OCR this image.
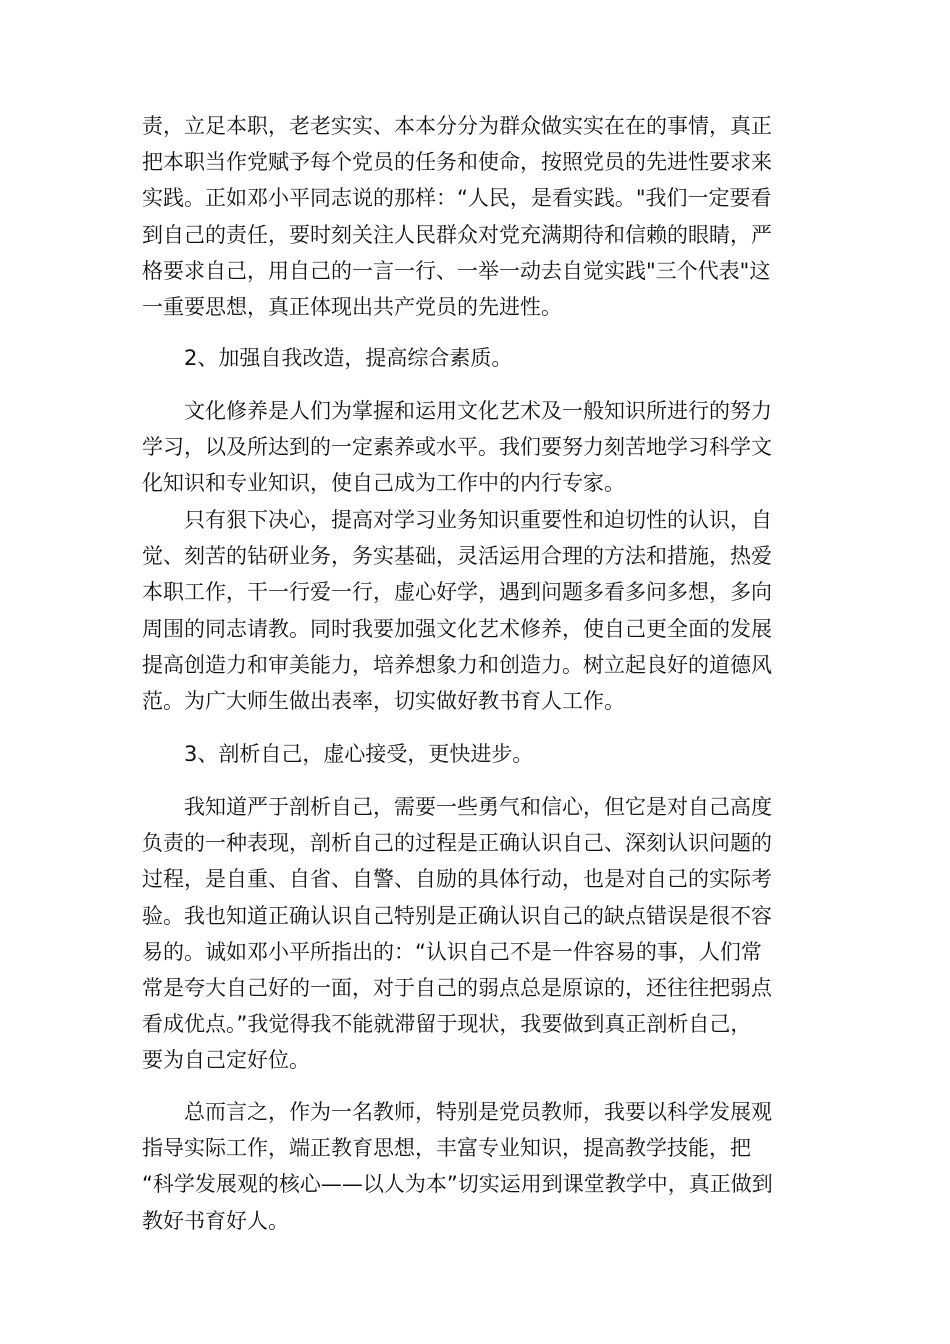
责，立足本职，老老实实、本本分分为群众做实实在在的事情，真正
把本职当作党赋予每个党员的任务和使命，按照党员的先进性要求来
实践。正如邓小平同志说的那样：“人民，是看实践。"我们一定要看
到自己的责任，要时刻关注人民群众对党充满期待和信赖的眼睛，严
格要求自己，用自己的一言一行、一举一动去自觉实践"三个代表"这
一重要思想，真正体现出共产党员的先进性。
2、加强自我改造，提高综合素质。
文化修养是人们为掌握和运用文化艺术及一般知识所进行的努力
学习，以及所达到的一定素养或水平。我们要努力刻苦地学习科学文
化知识和专业知识，使自己成为工作中的内行专家。
只有狠下决心，提高对学习业务知识重要性和迫切性的认识，自
觉、刻苦的钻研业务，务实基础，灵活运用合理的方法和措施，热爱
本职工作，干一行爱一行，虚心好学，遇到问题多看多问多想，多向
周围的同志请教。同时我要加强文化艺术修养，使自己更全面的发展
提高创造力和审美能力，培养想象力和创造力。树立起良好的道德风
范。为广大师生做出表率，切实做好教书育人工作。
3、剖析自己，虚心接受，更快进步。
我知道严于剖析自己，需要一些勇气和信心，但它是对自己高度
负责的一种表现，剖析自己的过程是正确认识自己、深刻认识问题的
过程，是自重、自省、自警、自励的具体行动，也是对自己的实际考
验。我也知道正确认识自己特别是正确认识自己的缺点错误是很不容
易的。诚如邓小平所指出的：“认识自己不是一件容易的事，人们常
常是夸大自己好的一面，对于自己的弱点总是原谅的，还往往把弱点
看成优点。”我觉得我不能就滞留于现状，我要做到真正剖析自己，
要为自己定好位。
总而言之，作为一名教师，特别是党员教师，我要以科学发展观
指导实际工作，端正教育思想，丰富专业知识，提高教学技能，把
“科学发展观的核心——以人为本”切实运用到课堂教学中，真正做到
教好书育好人。
